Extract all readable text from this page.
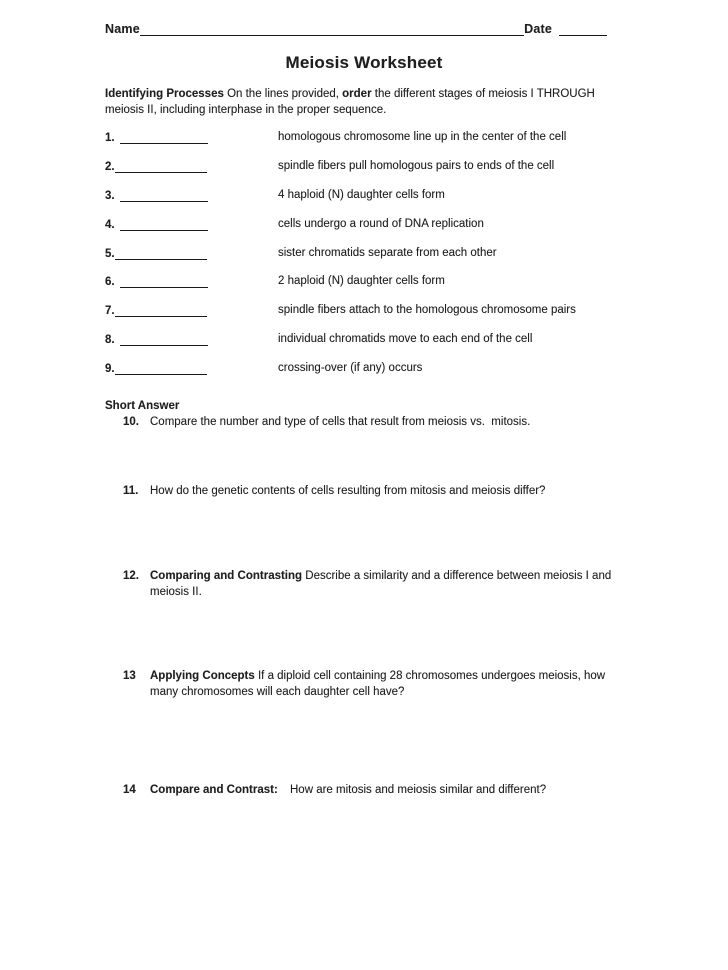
Name	Date
Meiosis Worksheet
Identifying Processes On the lines provided, order the different stages of meiosis I THROUGH
meiosis II, including interphase in the proper sequence.
1.	homologous chromosome line up in the center of the cell
2.	spindle fibers pull homologous pairs to ends of the cell
3.	4 haploid (N) daughter cells form
4.	cells undergo a round of DNA replication
5.	sister chromatids separate from each other
6.	2 haploid (N) daughter cells form
7.	spindle fibers attach to the homologous chromosome pairs
8.	individual chromatids move to each end of the cell
9.	crossing-over (if any) occurs
Short Answer
10. Compare the number and type of cells that result from meiosis vs.  mitosis.
11.	How do the genetic contents of cells resulting from mitosis and meiosis differ?
12. Comparing and Contrasting Describe a similarity and a difference between meiosis I and meiosis II.
13	Applying Concepts If a diploid cell containing 28 chromosomes undergoes meiosis, how many chromosomes will each daughter cell have?
14	Compare and Contrast: How are mitosis and meiosis similar and different?
